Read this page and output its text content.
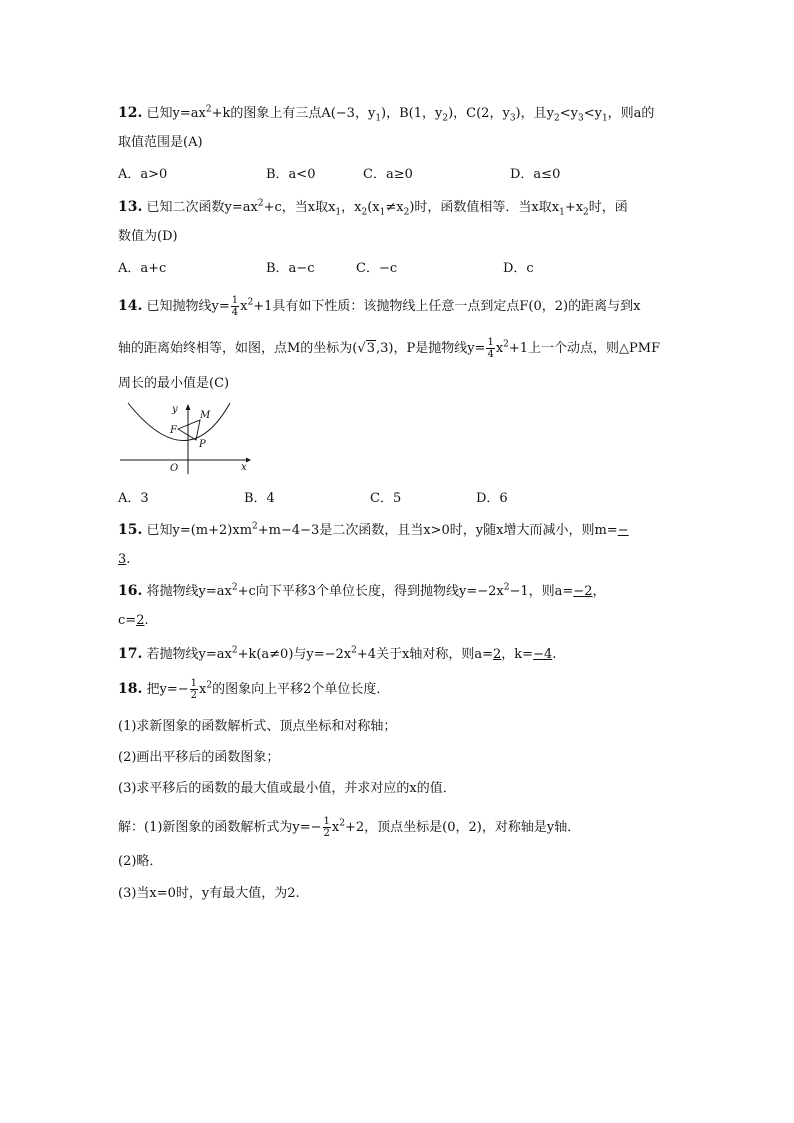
12. 已知$y=ax^2+k$的图象上有三点A(−3，$y_1$)，B(1，$y_2$)，C(2，$y_3$)，且$y_2<y_3<y_1$，则a的
取值范围是(A)
A．a>0	B．a<0	C．a≥0	D．a≤0
13. 已知二次函数$y=ax^2+c$，当x取$x_1$，$x_2(x_1\ne x_2)$时，函数值相等．当x取$x_1+x_2$时，函
数值为(D)
A．a+c	B．a−c	C．−c	D．c
14. 已知抛物线$y= \frac{1}{4} x^2+1$具有如下性质：该抛物线上任意一点到定点F(0，2)的距离与到x
轴的距离始终相等，如图，点M的坐标为(√3,3)，P是抛物线$y= \frac{1}{4} x^2+1$上一个动点，则△PMF
周长的最小值是(C)
y
M
F
P
O	x
A．3	B．4	C．5	D．6
15. 已知$y=(m+2)xm^2+m-4-3$是二次函数，且当x>0时，y随x增大而减小，则m=−
3.
16. 将抛物线$y=ax^2+c$向下平移3个单位长度，得到抛物线$y=-2x^2-1$，则a=−2，
c=2.
17. 若抛物线$y=ax^2+k(a\ne 0)$与$y=-2x^2+4$关于x轴对称，则a=2，k=−4.
18. 把$y=- \frac{1}{2} x^2$的图象向上平移2个单位长度．
(1)求新图象的函数解析式、顶点坐标和对称轴；
(2)画出平移后的函数图象；
(3)求平移后的函数的最大值或最小值，并求对应的x的值．
解：(1)新图象的函数解析式为$y=- \frac{1}{2} x^2+2$，顶点坐标是(0，2)，对称轴是y轴．
(2)略．
(3)当x=0时，y有最大值，为2.
